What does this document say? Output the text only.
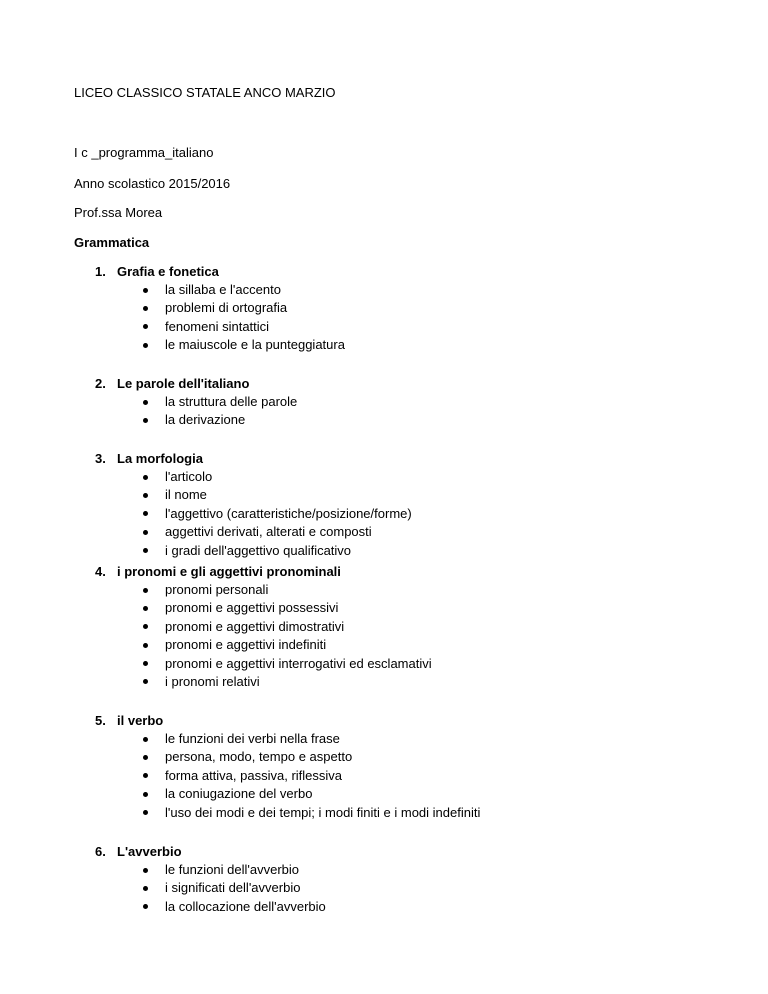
LICEO CLASSICO STATALE ANCO MARZIO
I c _programma_italiano
Anno scolastico 2015/2016
Prof.ssa Morea
Grammatica
1. Grafia e fonetica
la sillaba e l'accento
problemi di ortografia
fenomeni sintattici
le maiuscole e la punteggiatura
2. Le parole dell'italiano
la struttura delle parole
la derivazione
3. La morfologia
l'articolo
il nome
l'aggettivo (caratteristiche/posizione/forme)
aggettivi derivati, alterati e composti
i gradi dell'aggettivo qualificativo
4. i pronomi e gli aggettivi pronominali
pronomi personali
pronomi e aggettivi possessivi
pronomi e aggettivi dimostrativi
pronomi e aggettivi indefiniti
pronomi e aggettivi interrogativi ed esclamativi
i pronomi relativi
5. il verbo
le funzioni dei verbi nella frase
persona, modo, tempo e aspetto
forma attiva, passiva, riflessiva
la coniugazione del verbo
l'uso dei modi e dei tempi; i modi finiti e i modi indefiniti
6. L'avverbio
le funzioni dell'avverbio
i significati dell'avverbio
la collocazione dell'avverbio
